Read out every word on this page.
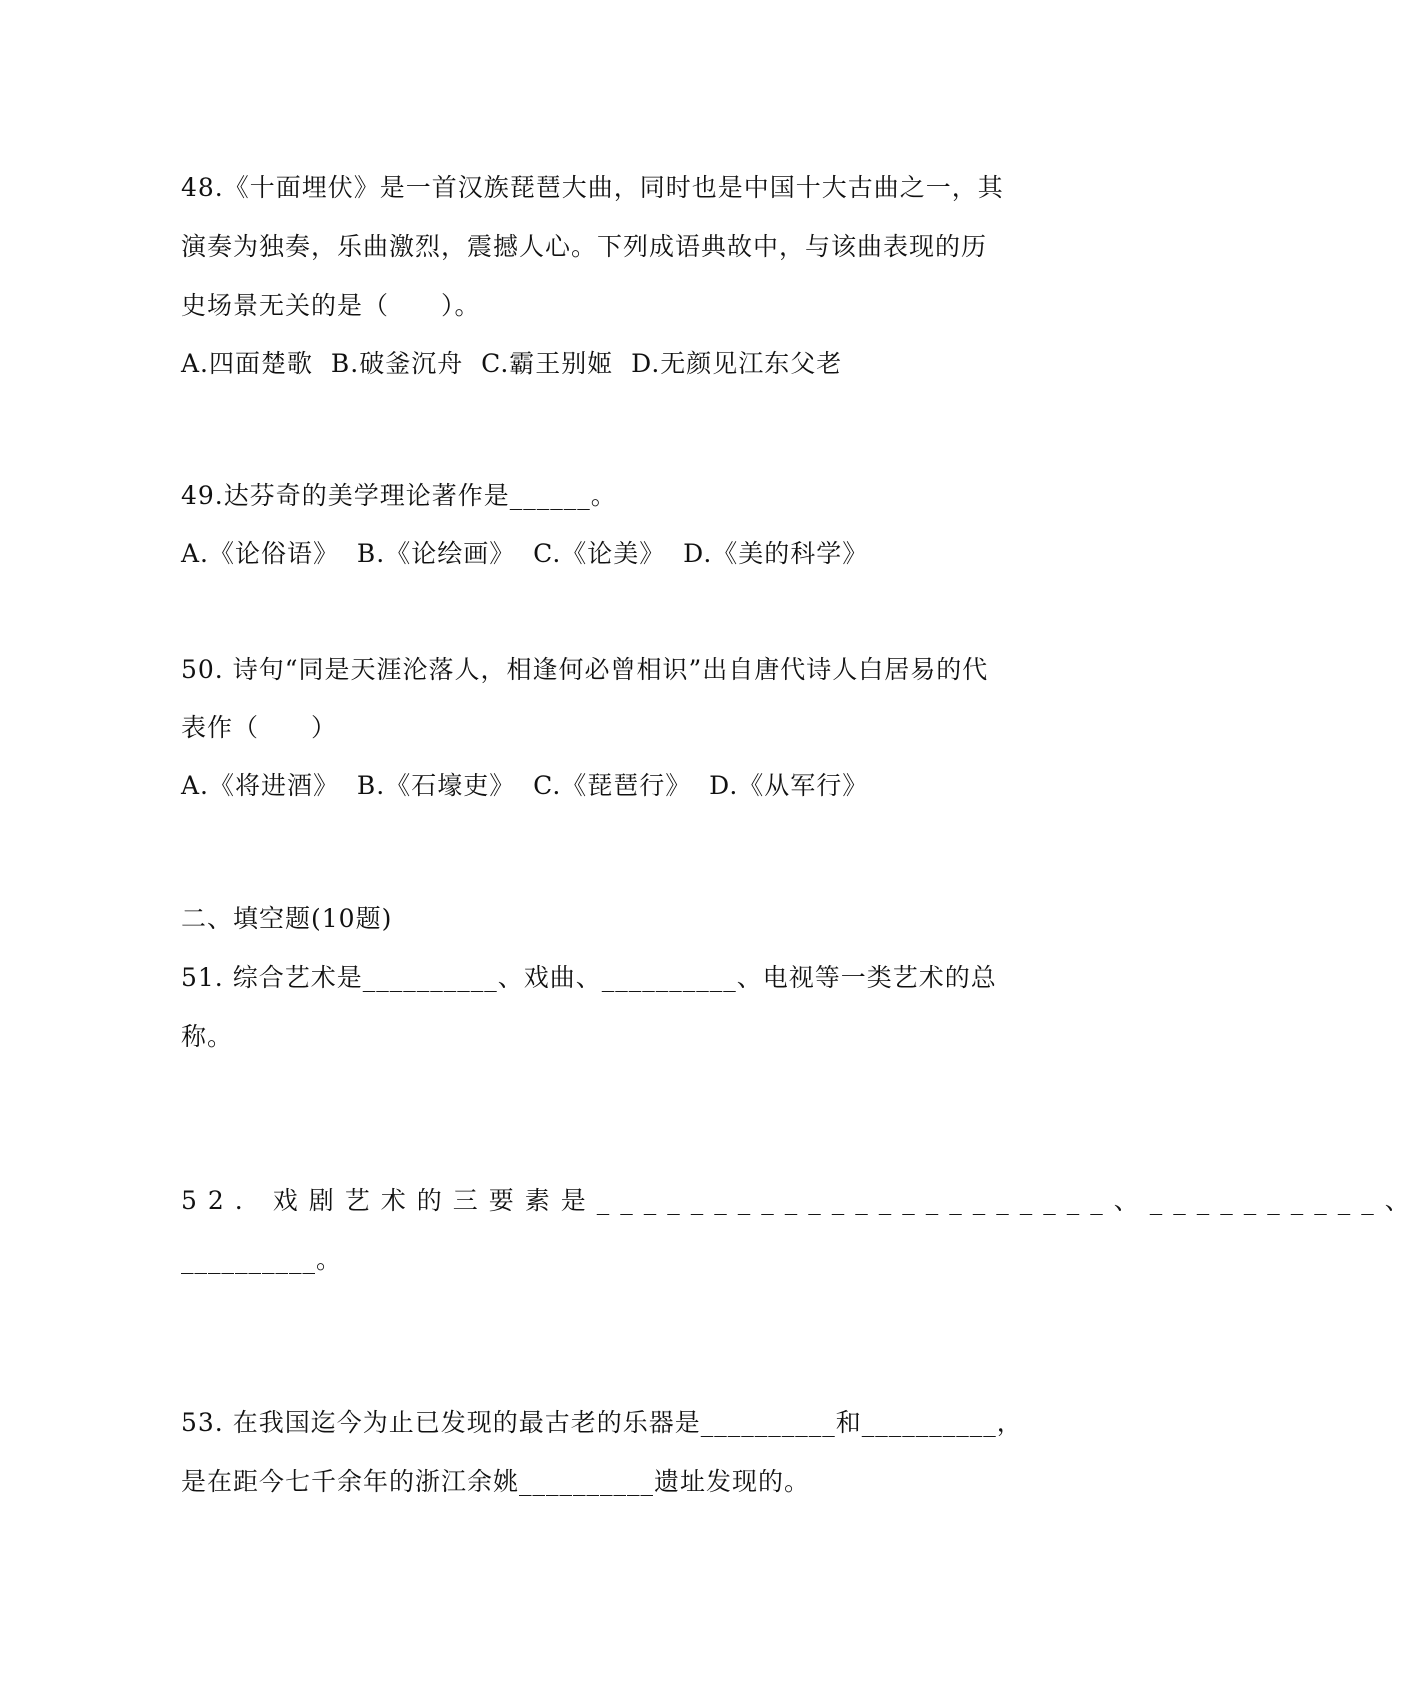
48.《十面埋伏》是一首汉族琵琶大曲，同时也是中国十大古曲之一，其
演奏为独奏，乐曲激烈，震撼人心。下列成语典故中，与该曲表现的历
史场景无关的是（　　）。
A.四面楚歌  B.破釜沉舟  C.霸王别姬  D.无颜见江东父老
49.达芬奇的美学理论著作是______。
A.《论俗语》  B.《论绘画》  C.《论美》  D.《美的科学》
50. 诗句“同是天涯沦落人，相逢何必曾相识”出自唐代诗人白居易的代
表作（　　）
A.《将进酒》  B.《石壕吏》  C.《琵琶行》  D.《从军行》
二、填空题(10题)
51. 综合艺术是__________、戏曲、__________、电视等一类艺术的总
称。
52. 戏剧艺术的三要素是______________________、__________、
__________。
53. 在我国迄今为止已发现的最古老的乐器是__________和__________，
是在距今七千余年的浙江余姚__________遗址发现的。
